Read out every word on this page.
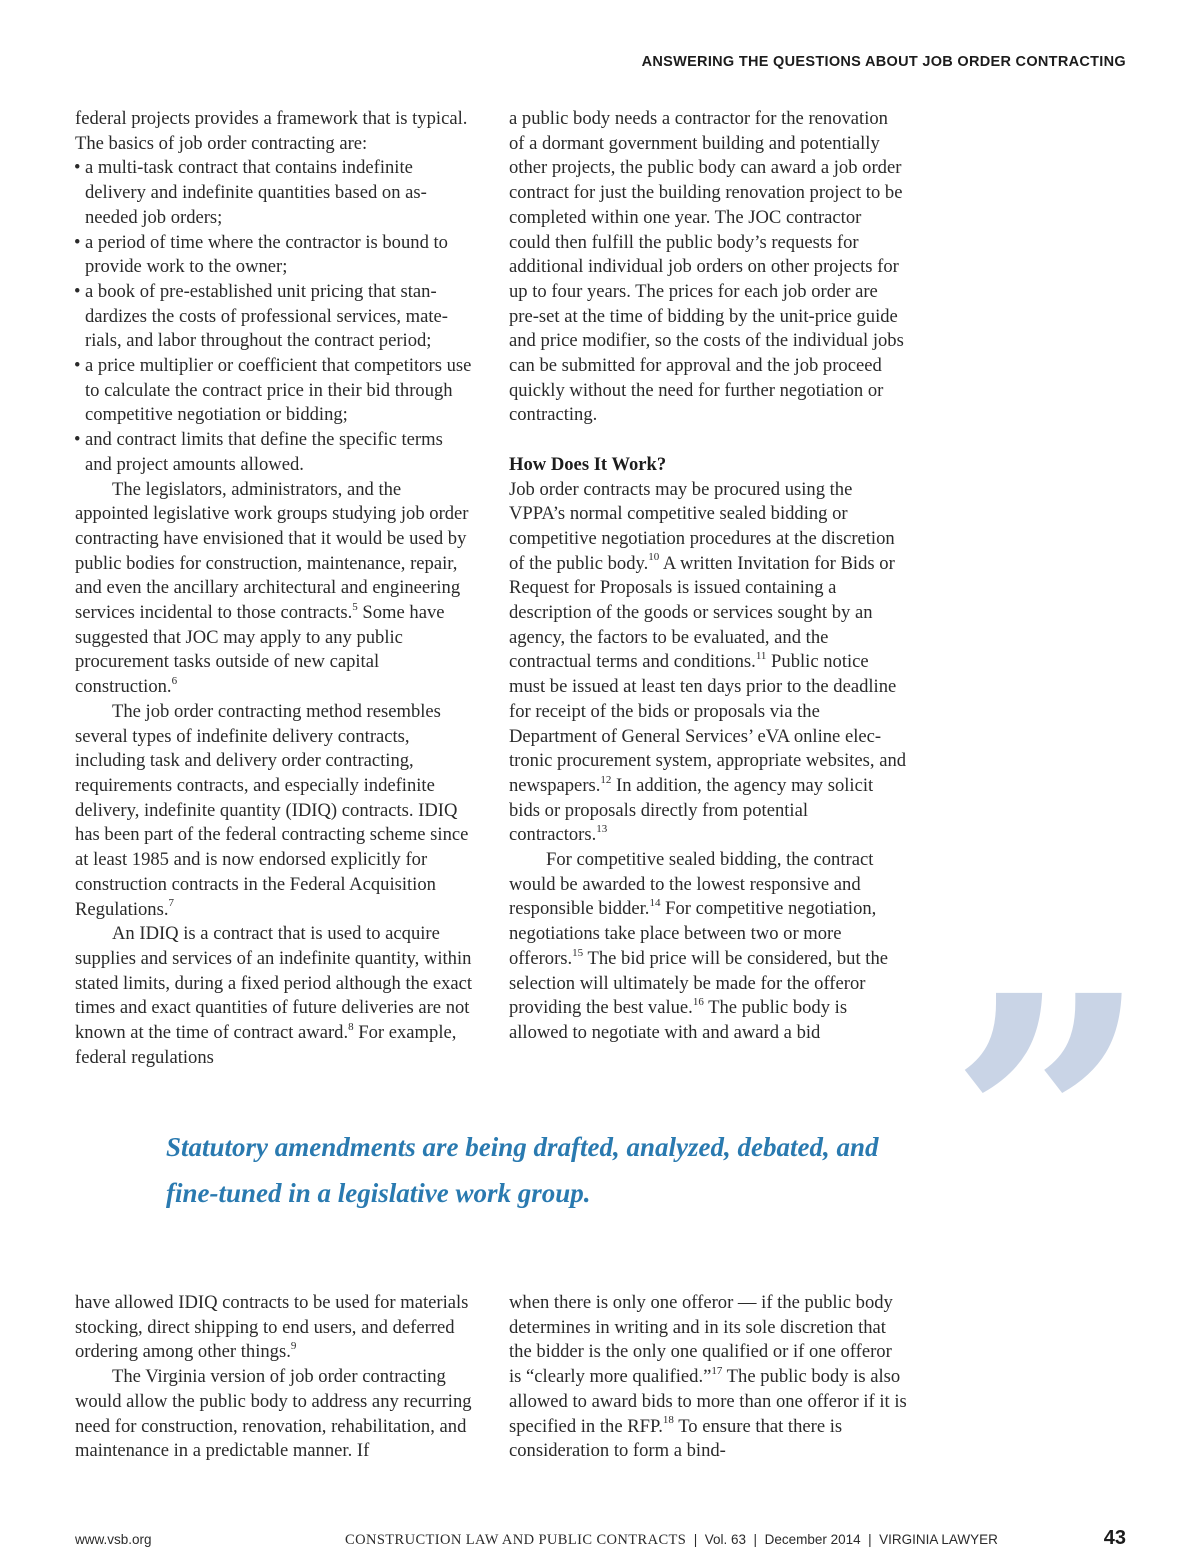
ANSWERING THE QUESTIONS ABOUT JOB ORDER CONTRACTING

federal projects provides a framework that is typical. The basics of job order contracting are:

• a multi-task contract that contains indefinite delivery and indefinite quantities based on as-needed job orders;
• a period of time where the contractor is bound to provide work to the owner;
• a book of pre-established unit pricing that standardizes the costs of professional services, materials, and labor throughout the contract period;
• a price multiplier or coefficient that competitors use to calculate the contract price in their bid through competitive negotiation or bidding;
• and contract limits that define the specific terms and project amounts allowed.

The legislators, administrators, and the appointed legislative work groups studying job order contracting have envisioned that it would be used by public bodies for construction, maintenance, repair, and even the ancillary architectural and engineering services incidental to those contracts.$^5$ Some have suggested that JOC may apply to any public procurement tasks outside of new capital construction.$^6$

The job order contracting method resembles several types of indefinite delivery contracts, including task and delivery order contracting, requirements contracts, and especially indefinite delivery, indefinite quantity (IDIQ) contracts. IDIQ has been part of the federal contracting scheme since at least 1985 and is now endorsed explicitly for construction contracts in the Federal Acquisition Regulations.$^7$

An IDIQ is a contract that is used to acquire supplies and services of an indefinite quantity, within stated limits, during a fixed period although the exact times and exact quantities of future deliveries are not known at the time of contract award.$^8$ For example, federal regulations

a public body needs a contractor for the renovation of a dormant government building and potentially other projects, the public body can award a job order contract for just the building renovation project to be completed within one year. The JOC contractor could then fulfill the public body’s requests for additional individual job orders on other projects for up to four years. The prices for each job order are pre-set at the time of bidding by the unit-price guide and price modifier, so the costs of the individual jobs can be submitted for approval and the job proceed quickly without the need for further negotiation or contracting.

How Does It Work?

Job order contracts may be procured using the VPPA’s normal competitive sealed bidding or competitive negotiation procedures at the discretion of the public body.$^{10}$ A written Invitation for Bids or Request for Proposals is issued containing a description of the goods or services sought by an agency, the factors to be evaluated, and the contractual terms and conditions.$^{11}$ Public notice must be issued at least ten days prior to the deadline for receipt of the bids or proposals via the Department of General Services’ eVA online electronic procurement system, appropriate websites, and newspapers.$^{12}$ In addition, the agency may solicit bids or proposals directly from potential contractors.$^{13}$

For competitive sealed bidding, the contract would be awarded to the lowest responsive and responsible bidder.$^{14}$ For competitive negotiation, negotiations take place between two or more offerors.$^{15}$ The bid price will be considered, but the selection will ultimately be made for the offeror providing the best value.$^{16}$ The public body is allowed to negotiate with and award a bid ”
Statutory amendments are being drafted, analyzed, debated, and fine-tuned in a legislative work group.

have allowed IDIQ contracts to be used for materials stocking, direct shipping to end users, and deferred ordering among other things.$^9$

The Virginia version of job order contracting would allow the public body to address any recurring need for construction, renovation, rehabilitation, and maintenance in a predictable manner. If

when there is only one offeror — if the public body determines in writing and in its sole discretion that the bidder is the only one qualified or if one offeror is “clearly more qualified.”$^{17}$ The public body is also allowed to award bids to more than one offeror if it is specified in the RFP.$^{18}$ To ensure that there is consideration to form a bind-

www.vsb.org	CONSTRUCTION LAW AND PUBLIC CONTRACTS  |  Vol. 63  |  December 2014  |  VIRGINIA LAWYER	43
